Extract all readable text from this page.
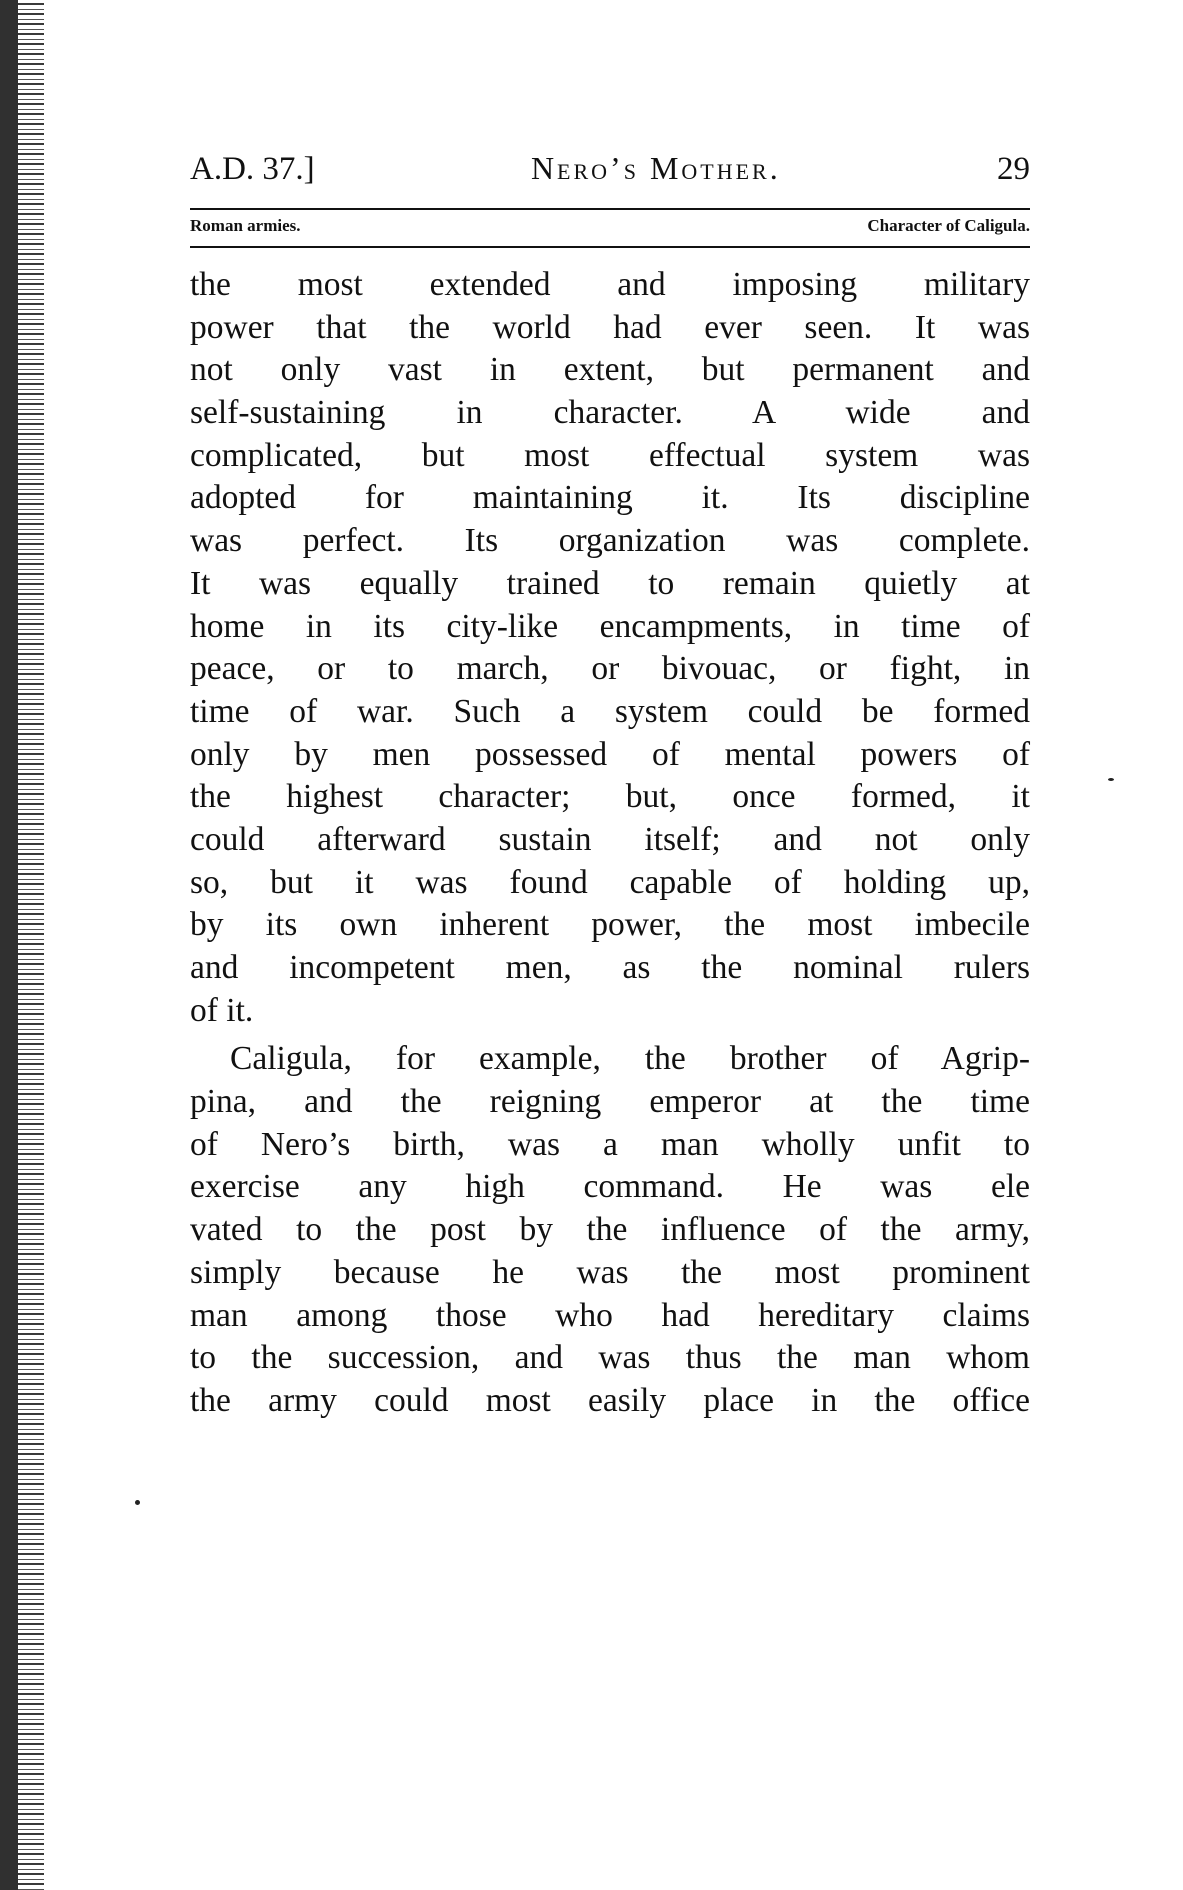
A.D. 37.]	Nero’s Mother.	29
Roman armies.	Character of Caligula.
the most extended and imposing military
power that the world had ever seen. It was
not only vast in extent, but permanent and
self-sustaining in character. A wide and
complicated, but most effectual system was
adopted for maintaining it. Its discipline
was perfect. Its organization was complete.
It was equally trained to remain quietly at
home in its city-like encampments, in time of
peace, or to march, or bivouac, or fight, in
time of war. Such a system could be formed
only by men possessed of mental powers of
the highest character; but, once formed, it
could afterward sustain itself; and not only
so, but it was found capable of holding up,
by its own inherent power, the most imbecile
and incompetent men, as the nominal rulers
of it.
Caligula, for example, the brother of Agrip-
pina, and the reigning emperor at the time
of Nero’s birth, was a man wholly unfit to
exercise any high command. He was ele
vated to the post by the influence of the army,
simply because he was the most prominent
man among those who had hereditary claims
to the succession, and was thus the man whom
the army could most easily place in the office
